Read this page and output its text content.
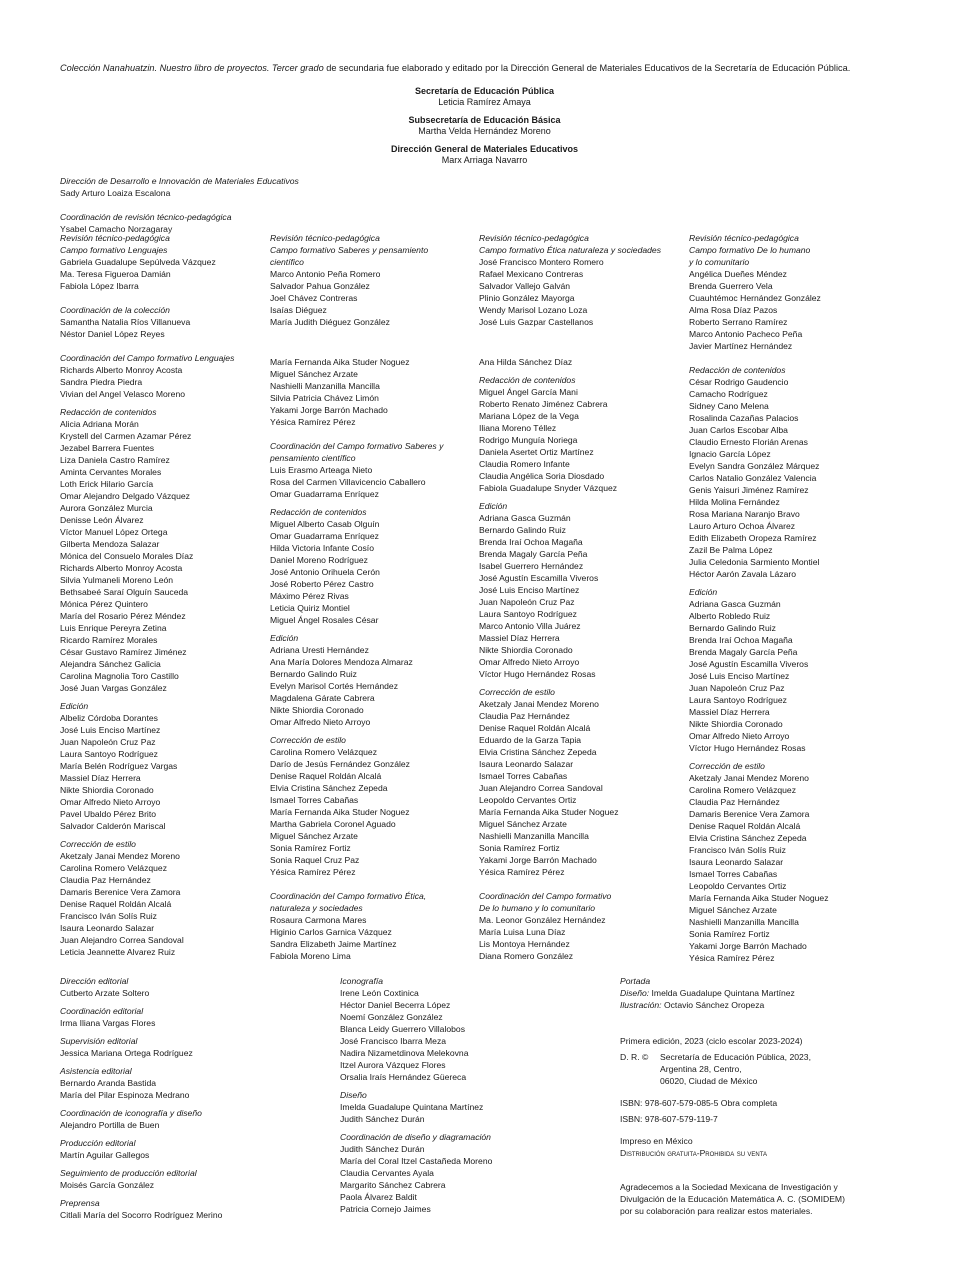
Colección Nanahuatzin. Nuestro libro de proyectos. Tercer grado de secundaria fue elaborado y editado por la Dirección General de Materiales Educativos de la Secretaría de Educación Pública.
Secretaría de Educación Pública
Leticia Ramírez Amaya
Subsecretaría de Educación Básica
Martha Velda Hernández Moreno
Dirección General de Materiales Educativos
Marx Arriaga Navarro
Dirección de Desarrollo e Innovación de Materiales Educativos
Sady Arturo Loaiza Escalona
Coordinación de revisión técnico-pedagógica
Ysabel Camacho Norzagaray
Revisión técnico-pedagógica
Campo formativo Lenguajes
Gabriela Guadalupe Sepúlveda Vázquez
Ma. Teresa Figueroa Damián
Fabiola López Ibarra
Coordinación de la colección
Samantha Natalia Ríos Villanueva
Néstor Daniel López Reyes
Coordinación del Campo formativo Lenguajes
Richards Alberto Monroy Acosta
Sandra Piedra Piedra
Vivian del Angel Velasco Moreno
Redacción de contenidos
Alicia Adriana Morán
Krystell del Carmen Azamar Pérez
Jezabel Barrera Fuentes
Liza Daniela Castro Ramírez
Aminta Cervantes Morales
Loth Erick Hilario García
Omar Alejandro Delgado Vázquez
Aurora González Murcia
Denisse León Álvarez
Víctor Manuel López Ortega
Gilberta Mendoza Salazar
Mónica del Consuelo Morales Díaz
Richards Alberto Monroy Acosta
Silvia Yulmaneli Moreno León
Bethsabeé Saraí Olguín Sauceda
Mónica Pérez Quintero
María del Rosario Pérez Méndez
Luis Enrique Pereyra Zetina
Ricardo Ramírez Morales
César Gustavo Ramírez Jiménez
Alejandra Sánchez Galicia
Carolina Magnolia Toro Castillo
José Juan Vargas González
Edición
Albeliz Córdoba Dorantes
José Luis Enciso Martínez
Juan Napoleón Cruz Paz
Laura Santoyo Rodríguez
María Belén Rodríguez Vargas
Massiel Díaz Herrera
Nikte Shiordia Coronado
Omar Alfredo Nieto Arroyo
Pavel Ubaldo Pérez Brito
Salvador Calderón Mariscal
Corrección de estilo
Aketzaly Janai Mendez Moreno
Carolina Romero Velázquez
Claudia Paz Hernández
Damaris Berenice Vera Zamora
Denise Raquel Roldán Alcalá
Francisco Iván Solís Ruiz
Isaura Leonardo Salazar
Juan Alejandro Correa Sandoval
Leticia Jeannette Alvarez Ruiz
Revisión técnico-pedagógica
Campo formativo Saberes y pensamiento
científico
Marco Antonio Peña Romero
Salvador Pahua González
Joel Chávez Contreras
Isaías Diéguez
María Judith Diéguez González
María Fernanda Aika Studer Noguez
Miguel Sánchez Arzate
Nashielli Manzanilla Mancilla
Silvia Patricia Chávez Limón
Yakami Jorge Barrón Machado
Yésica Ramírez Pérez
Coordinación del Campo formativo Saberes y
pensamiento científico
Luis Erasmo Arteaga Nieto
Rosa del Carmen Villavicencio Caballero
Omar Guadarrama Enríquez
Redacción de contenidos
Miguel Alberto Casab Olguín
Omar Guadarrama Enríquez
Hilda Victoria Infante Cosío
Daniel Moreno Rodríguez
José Antonio Orihuela Cerón
José Roberto Pérez Castro
Máximo Pérez Rivas
Leticia Quiriz Montiel
Miguel Ángel Rosales César
Edición
Adriana Uresti Hernández
Ana María Dolores Mendoza Almaraz
Bernardo Galindo Ruiz
Evelyn Marisol Cortés Hernández
Magdalena Gárate Cabrera
Nikte Shiordia Coronado
Omar Alfredo Nieto Arroyo
Corrección de estilo
Carolina Romero Velázquez
Darío de Jesús Fernández González
Denise Raquel Roldán Alcalá
Elvia Cristina Sánchez Zepeda
Ismael Torres Cabañas
María Fernanda Aika Studer Noguez
Martha Gabriela Coronel Aguado
Miguel Sánchez Arzate
Sonia Ramírez Fortiz
Sonia Raquel Cruz Paz
Yésica Ramírez Pérez
Coordinación del Campo formativo Ética,
naturaleza y sociedades
Rosaura Carmona Mares
Higinio Carlos Garnica Vázquez
Sandra Elizabeth Jaime Martínez
Fabiola Moreno Lima
Revisión técnico-pedagógica
Campo formativo Ética naturaleza y sociedades
José Francisco Montero Romero
Rafael Mexicano Contreras
Salvador Vallejo Galván
Plinio González Mayorga
Wendy Marisol Lozano Loza
José Luis Gazpar Castellanos
Ana Hilda Sánchez Díaz
Redacción de contenidos
Miguel Ángel García Mani
Roberto Renato Jiménez Cabrera
Mariana López de la Vega
Iliana Moreno Téllez
Rodrigo Munguía Noriega
Daniela Asertet Ortiz Martínez
Claudia Romero Infante
Claudia Angélica Soria Diosdado
Fabiola Guadalupe Snyder Vázquez
Edición
Adriana Gasca Guzmán
Bernardo Galindo Ruiz
Brenda Iraí Ochoa Magaña
Brenda Magaly García Peña
Isabel Guerrero Hernández
José Agustín Escamilla Viveros
José Luis Enciso Martínez
Juan Napoleón Cruz Paz
Laura Santoyo Rodríguez
Marco Antonio Villa Juárez
Massiel Díaz Herrera
Nikte Shiordia Coronado
Omar Alfredo Nieto Arroyo
Víctor Hugo Hernández Rosas
Corrección de estilo
Aketzaly Janai Mendez Moreno
Claudia Paz Hernández
Denise Raquel Roldán Alcalá
Eduardo de la Garza Tapia
Elvia Cristina Sánchez Zepeda
Isaura Leonardo Salazar
Ismael Torres Cabañas
Juan Alejandro Correa Sandoval
Leopoldo Cervantes Ortiz
María Fernanda Aika Studer Noguez
Miguel Sánchez Arzate
Nashielli Manzanilla Mancilla
Sonia Ramírez Fortiz
Yakami Jorge Barrón Machado
Yésica Ramírez Pérez
Coordinación del Campo formativo
De lo humano y lo comunitario
Ma. Leonor González Hernández
María Luisa Luna Díaz
Lis Montoya Hernández
Diana Romero González
Revisión técnico-pedagógica
Campo formativo De lo humano
y lo comunitario
Angélica Dueñes Méndez
Brenda Guerrero Vela
Cuauhtémoc Hernández González
Alma Rosa Díaz Pazos
Roberto Serrano Ramírez
Marco Antonio Pacheco Peña
Javier Martínez Hernández
Redacción de contenidos
César Rodrigo Gaudencio
Camacho Rodríguez
Sidney Cano Melena
Rosalinda Cazañas Palacios
Juan Carlos Escobar Alba
Claudio Ernesto Florián Arenas
Ignacio García López
Evelyn Sandra González Márquez
Carlos Natalio González Valencia
Genis Yaisuri Jiménez Ramírez
Hilda Molina Fernández
Rosa Mariana Naranjo Bravo
Lauro Arturo Ochoa Álvarez
Edith Elizabeth Oropeza Ramírez
Zazil Be Palma López
Julia Celedonia Sarmiento Montiel
Héctor Aarón Zavala Lázaro
Edición
Adriana Gasca Guzmán
Alberto Robledo Ruiz
Bernardo Galindo Ruiz
Brenda Iraí Ochoa Magaña
Brenda Magaly García Peña
José Agustín Escamilla Viveros
José Luis Enciso Martínez
Juan Napoleón Cruz Paz
Laura Santoyo Rodríguez
Massiel Díaz Herrera
Nikte Shiordia Coronado
Omar Alfredo Nieto Arroyo
Víctor Hugo Hernández Rosas
Corrección de estilo
Aketzaly Janai Mendez Moreno
Carolina Romero Velázquez
Claudia Paz Hernández
Damaris Berenice Vera Zamora
Denise Raquel Roldán Alcalá
Elvia Cristina Sánchez Zepeda
Francisco Iván Solís Ruiz
Isaura Leonardo Salazar
Ismael Torres Cabañas
Leopoldo Cervantes Ortiz
María Fernanda Aika Studer Noguez
Miguel Sánchez Arzate
Nashielli Manzanilla Mancilla
Sonia Ramírez Fortiz
Yakami Jorge Barrón Machado
Yésica Ramírez Pérez
Dirección editorial
Cutberto Arzate Soltero
Coordinación editorial
Irma Iliana Vargas Flores
Supervisión editorial
Jessica Mariana Ortega Rodríguez
Asistencia editorial
Bernardo Aranda Bastida
María del Pilar Espinoza Medrano
Coordinación de iconografía y diseño
Alejandro Portilla de Buen
Producción editorial
Martín Aguilar Gallegos
Seguimiento de producción editorial
Moisés García González
Preprensa
Citlali María del Socorro Rodríguez Merino
Iconografía
Irene León Coxtinica
Héctor Daniel Becerra López
Noemí González González
Blanca Leidy Guerrero Villalobos
José Francisco Ibarra Meza
Nadira Nizametdinova Melekovna
Itzel Aurora Vázquez Flores
Orsalia Iraís Hernández Güereca
Diseño
Imelda Guadalupe Quintana Martínez
Judith Sánchez Durán
Coordinación de diseño y diagramación
Judith Sánchez Durán
María del Coral Itzel Castañeda Moreno
Claudia Cervantes Ayala
Margarito Sánchez Cabrera
Paola Álvarez Baldit
Patricia Cornejo Jaimes
Portada
Diseño: Imelda Guadalupe Quintana Martínez
Ilustración: Octavio Sánchez Oropeza
Primera edición, 2023 (ciclo escolar 2023-2024)
D. R. ©	Secretaría de Educación Pública, 2023,
Argentina 28, Centro,
06020, Ciudad de México
ISBN: 978-607-579-085-5 Obra completa
ISBN: 978-607-579-119-7
Impreso en México
Distribución gratuita-Prohibida su venta
Agradecemos a la Sociedad Mexicana de Investigación y
Divulgación de la Educación Matemática A. C. (SOMIDEM)
por su colaboración para realizar estos materiales.
